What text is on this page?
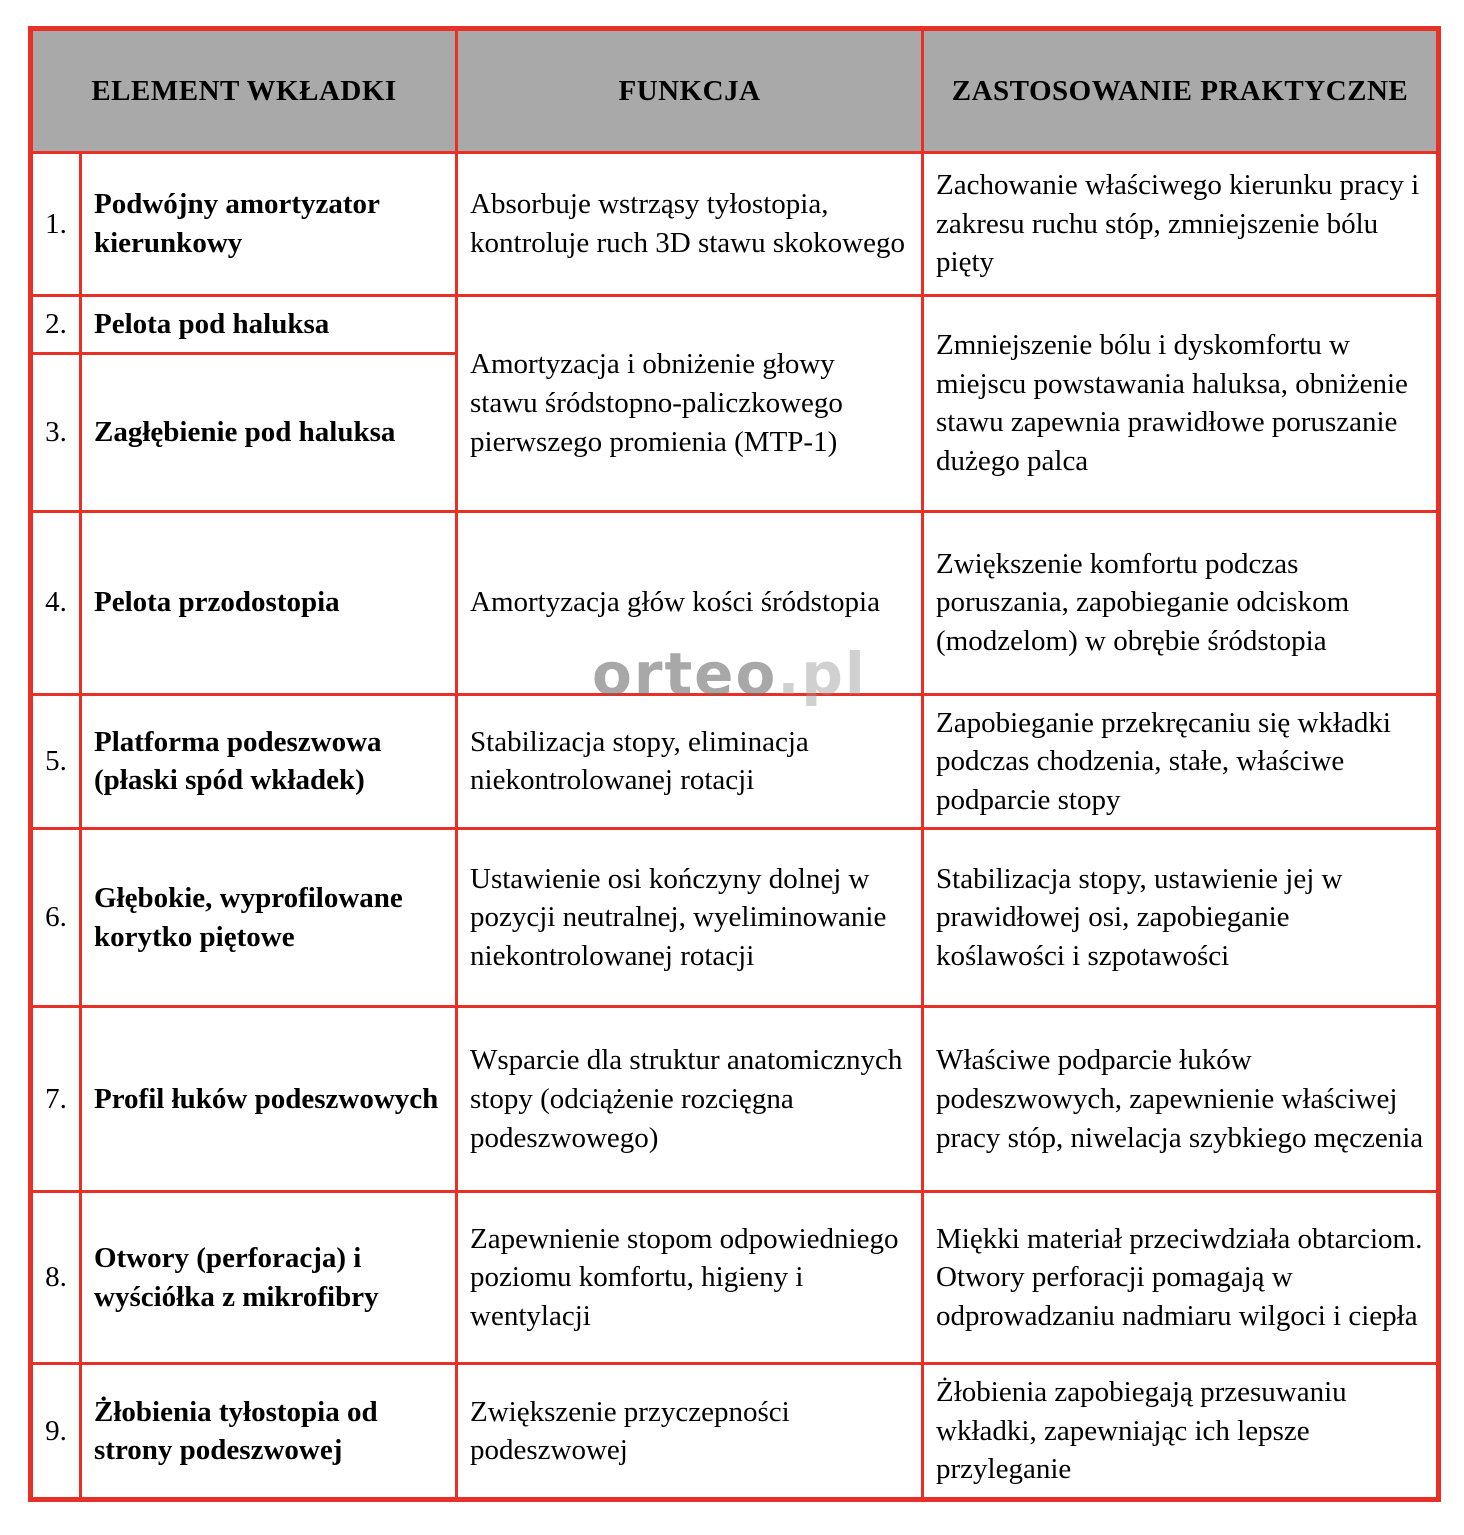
ELEMENT WKŁADKI		FUNKCJA	ZASTOSOWANIE PRAKTYCZNE
1.	Podwójny amortyzator kierunkowy	Absorbuje wstrząsy tyłostopia, kontroluje ruch 3D stawu skokowego	Zachowanie właściwego kierunku pracy i zakresu ruchu stóp, zmniejszenie bólu pięty
2.	Pelota pod haluksa	Amortyzacja i obniżenie głowy stawu śródstopno-paliczkowego pierwszego promienia (MTP-1)	Zmniejszenie bólu i dyskomfortu w miejscu powstawania haluksa, obniżenie stawu zapewnia prawidłowe poruszanie dużego palca
3.	Zagłębienie pod haluksa		
4.	Pelota przodostopia	Amortyzacja głów kości śródstopia	Zwiększenie komfortu podczas poruszania, zapobieganie odciskom (modzelom) w obrębie śródstopia
5.	Platforma podeszwowa (płaski spód wkładek)	Stabilizacja stopy, eliminacja niekontrolowanej rotacji	Zapobieganie przekręcaniu się wkładki podczas chodzenia, stałe, właściwe podparcie stopy
6.	Głębokie, wyprofilowane korytko piętowe	Ustawienie osi kończyny dolnej w pozycji neutralnej, wyeliminowanie niekontrolowanej rotacji	Stabilizacja stopy, ustawienie jej w prawidłowej osi, zapobieganie koślawości i szpotawości
7.	Profil łuków podeszwowych	Wsparcie dla struktur anatomicznych stopy (odciążenie rozcięgna podeszwowego)	Właściwe podparcie łuków podeszwowych, zapewnienie właściwej pracy stóp, niwelacja szybkiego męczenia
8.	Otwory (perforacja) i wyściółka z mikrofibry	Zapewnienie stopom odpowiedniego poziomu komfortu, higieny i wentylacji	Miękki materiał przeciwdziała obtarciom. Otwory perforacji pomagają w odprowadzaniu nadmiaru wilgoci i ciepła
9.	Żłobienia tyłostopia od strony podeszwowej	Zwiększenie przyczepności podeszwowej	Żłobienia zapobiegają przesuwaniu wkładki, zapewniając ich lepsze przyleganie
orteo.pl
